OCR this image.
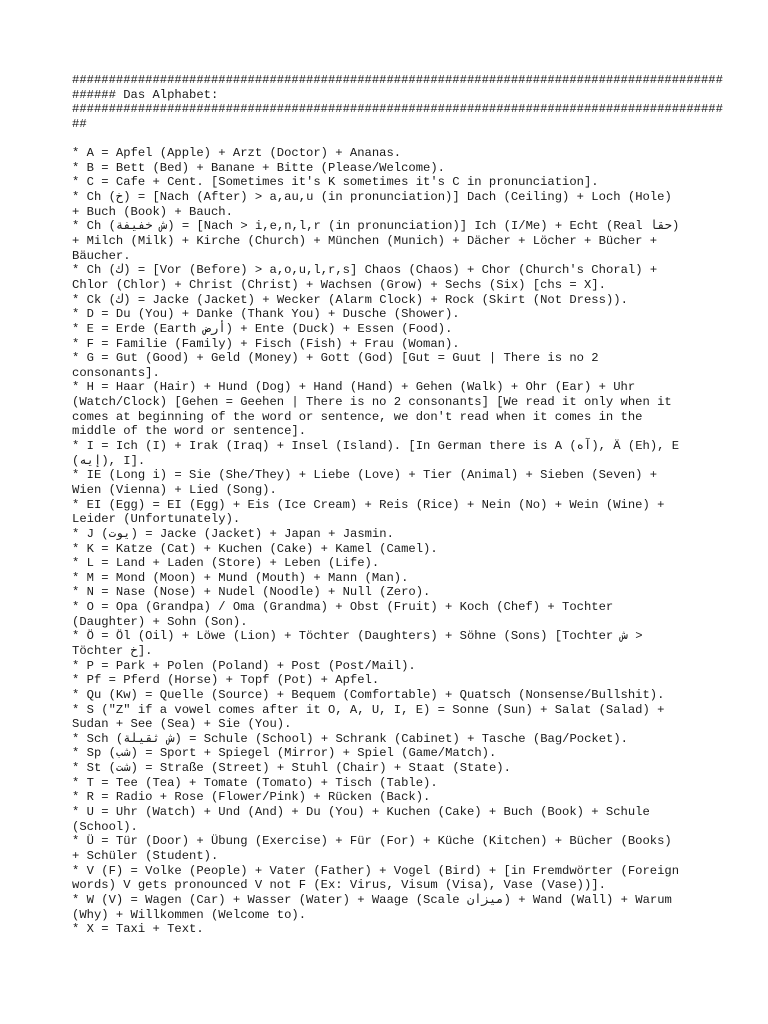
#########################################################################################
###### Das Alphabet:
#########################################################################################
##
* A = Apfel (Apple) + Arzt (Doctor) + Ananas.
* B = Bett (Bed) + Banane + Bitte (Please/Welcome).
* C = Cafe + Cent. [Sometimes it's K sometimes it's C in pronunciation].
* Ch (خ) = [Nach (After) > a,au,u (in pronunciation)] Dach (Ceiling) + Loch (Hole)
+ Buch (Book) + Bauch.
* Ch (ش خفيفة) = [Nach > i,e,n,l,r (in pronunciation)] Ich (I/Me) + Echt (Real حقا)
+ Milch (Milk) + Kirche (Church) + München (Munich) + Dächer + Löcher + Bücher +
Bäucher.
* Ch (ك) = [Vor (Before) > a,o,u,l,r,s] Chaos (Chaos) + Chor (Church's Choral) +
Chlor (Chlor) + Christ (Christ) + Wachsen (Grow) + Sechs (Six) [chs = X].
* Ck (ك) = Jacke (Jacket) + Wecker (Alarm Clock) + Rock (Skirt (Not Dress)).
* D = Du (You) + Danke (Thank You) + Dusche (Shower).
* E = Erde (Earth أرض) + Ente (Duck) + Essen (Food).
* F = Familie (Family) + Fisch (Fish) + Frau (Woman).
* G = Gut (Good) + Geld (Money) + Gott (God) [Gut = Guut | There is no 2
consonants].
* H = Haar (Hair) + Hund (Dog) + Hand (Hand) + Gehen (Walk) + Ohr (Ear) + Uhr
(Watch/Clock) [Gehen = Geehen | There is no 2 consonants] [We read it only when it
comes at beginning of the word or sentence, we don't read when it comes in the
middle of the word or sentence].
* I = Ich (I) + Irak (Iraq) + Insel (Island). [In German there is A (آه), Ä (Eh), E
(إيه), I].
* IE (Long i) = Sie (She/They) + Liebe (Love) + Tier (Animal) + Sieben (Seven) +
Wien (Vienna) + Lied (Song).
* EI (Egg) = EI (Egg) + Eis (Ice Cream) + Reis (Rice) + Nein (No) + Wein (Wine) +
Leider (Unfortunately).
* J (يوت) = Jacke (Jacket) + Japan + Jasmin.
* K = Katze (Cat) + Kuchen (Cake) + Kamel (Camel).
* L = Land + Laden (Store) + Leben (Life).
* M = Mond (Moon) + Mund (Mouth) + Mann (Man).
* N = Nase (Nose) + Nudel (Noodle) + Null (Zero).
* O = Opa (Grandpa) / Oma (Grandma) + Obst (Fruit) + Koch (Chef) + Tochter
(Daughter) + Sohn (Son).
* Ö = Öl (Oil) + Löwe (Lion) + Töchter (Daughters) + Söhne (Sons) [Tochter ش >
Töchter خ].
* P = Park + Polen (Poland) + Post (Post/Mail).
* Pf = Pferd (Horse) + Topf (Pot) + Apfel.
* Qu (Kw) = Quelle (Source) + Bequem (Comfortable) + Quatsch (Nonsense/Bullshit).
* S ("Z" if a vowel comes after it O, A, U, I, E) = Sonne (Sun) + Salat (Salad) +
Sudan + See (Sea) + Sie (You).
* Sch (ش ثقيلة) = Schule (School) + Schrank (Cabinet) + Tasche (Bag/Pocket).
* Sp (شب) = Sport + Spiegel (Mirror) + Spiel (Game/Match).
* St (شت) = Straße (Street) + Stuhl (Chair) + Staat (State).
* T = Tee (Tea) + Tomate (Tomato) + Tisch (Table).
* R = Radio + Rose (Flower/Pink) + Rücken (Back).
* U = Uhr (Watch) + Und (And) + Du (You) + Kuchen (Cake) + Buch (Book) + Schule
(School).
* Ü = Tür (Door) + Übung (Exercise) + Für (For) + Küche (Kitchen) + Bücher (Books)
+ Schüler (Student).
* V (F) = Volke (People) + Vater (Father) + Vogel (Bird) + [in Fremdwörter (Foreign
words) V gets pronounced V not F (Ex: Virus, Visum (Visa), Vase (Vase))].
* W (V) = Wagen (Car) + Wasser (Water) + Waage (Scale ميزان) + Wand (Wall) + Warum
(Why) + Willkommen (Welcome to).
* X = Taxi + Text.
